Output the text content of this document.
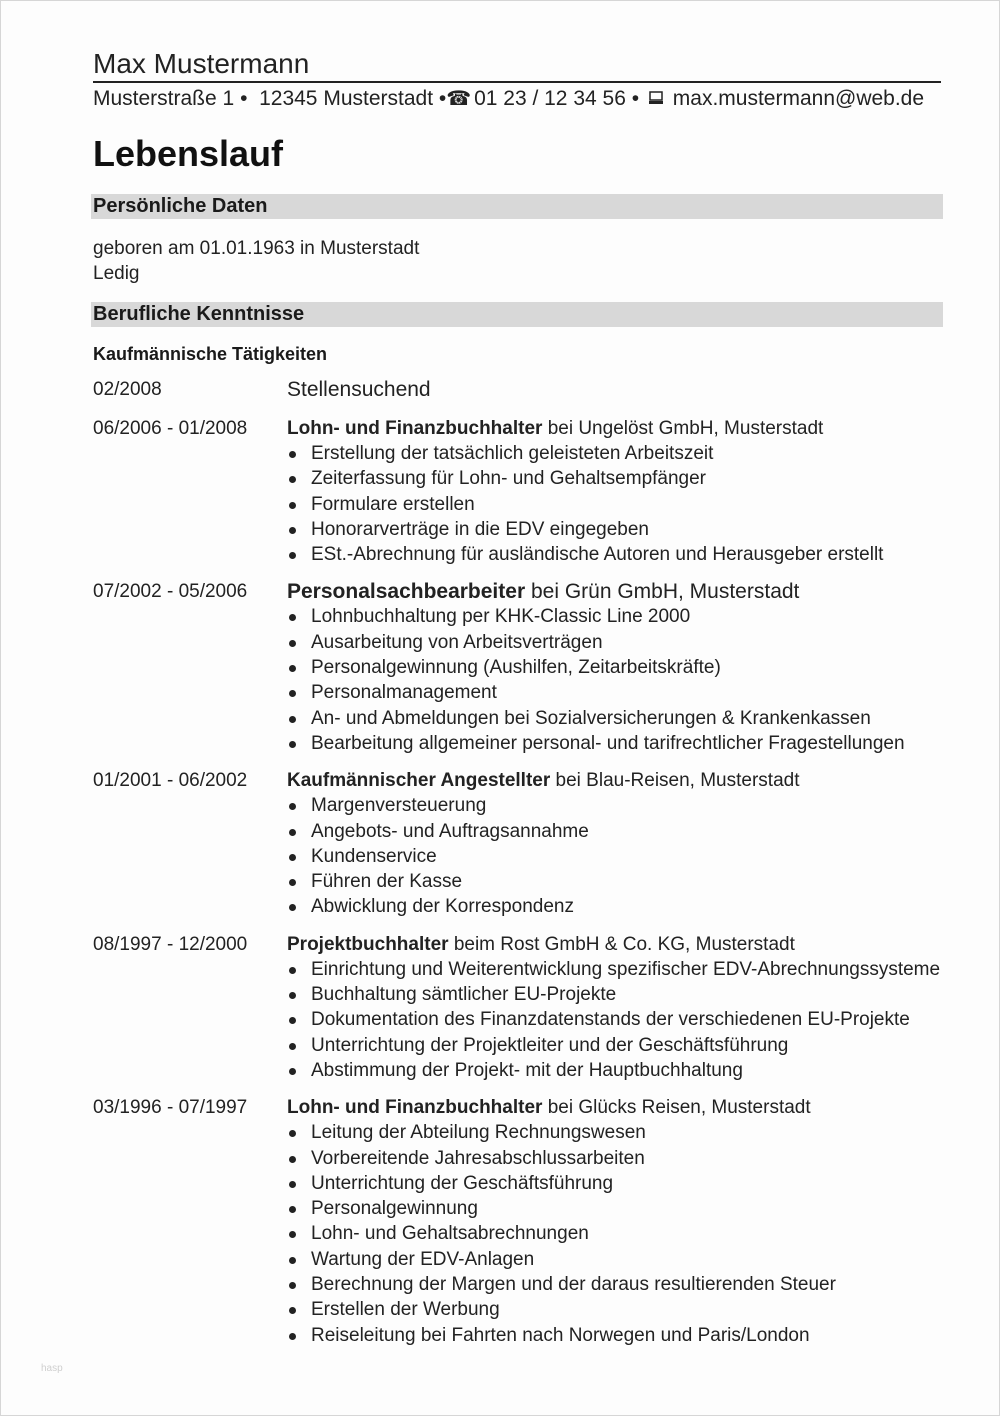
Max Mustermann
Musterstraße 1 • 12345 Musterstadt •☎ 01 23 / 12 34 56 • max.mustermann@web.de
Lebenslauf
Persönliche Daten
geboren am 01.01.1963 in Musterstadt
Ledig
Berufliche Kenntnisse
Kaufmännische Tätigkeiten
02/2008	Stellensuchend
06/2006 - 01/2008	Lohn- und Finanzbuchhalter bei Ungelöst GmbH, Musterstadt
Erstellung der tatsächlich geleisteten Arbeitszeit
Zeiterfassung für Lohn- und Gehaltsempfänger
Formulare erstellen
Honorarverträge in die EDV eingegeben
ESt.-Abrechnung für ausländische Autoren und Herausgeber erstellt
07/2002 - 05/2006	Personalsachbearbeiter bei Grün GmbH, Musterstadt
Lohnbuchhaltung per KHK-Classic Line 2000
Ausarbeitung von Arbeitsverträgen
Personalgewinnung (Aushilfen, Zeitarbeitskräfte)
Personalmanagement
An- und Abmeldungen bei Sozialversicherungen & Krankenkassen
Bearbeitung allgemeiner personal- und tarifrechtlicher Fragestellungen
01/2001 - 06/2002	Kaufmännischer Angestellter bei Blau-Reisen, Musterstadt
Margenversteuerung
Angebots- und Auftragsannahme
Kundenservice
Führen der Kasse
Abwicklung der Korrespondenz
08/1997 - 12/2000	Projektbuchhalter beim Rost GmbH & Co. KG, Musterstadt
Einrichtung und Weiterentwicklung spezifischer EDV-Abrechnungssysteme
Buchhaltung sämtlicher EU-Projekte
Dokumentation des Finanzdatenstands der verschiedenen EU-Projekte
Unterrichtung der Projektleiter und der Geschäftsführung
Abstimmung der Projekt- mit der Hauptbuchhaltung
03/1996 - 07/1997	Lohn- und Finanzbuchhalter bei Glücks Reisen, Musterstadt
Leitung der Abteilung Rechnungswesen
Vorbereitende Jahresabschlussarbeiten
Unterrichtung der Geschäftsführung
Personalgewinnung
Lohn- und Gehaltsabrechnungen
Wartung der EDV-Anlagen
Berechnung der Margen und der daraus resultierenden Steuer
Erstellen der Werbung
Reiseleitung bei Fahrten nach Norwegen und Paris/London
hasp
